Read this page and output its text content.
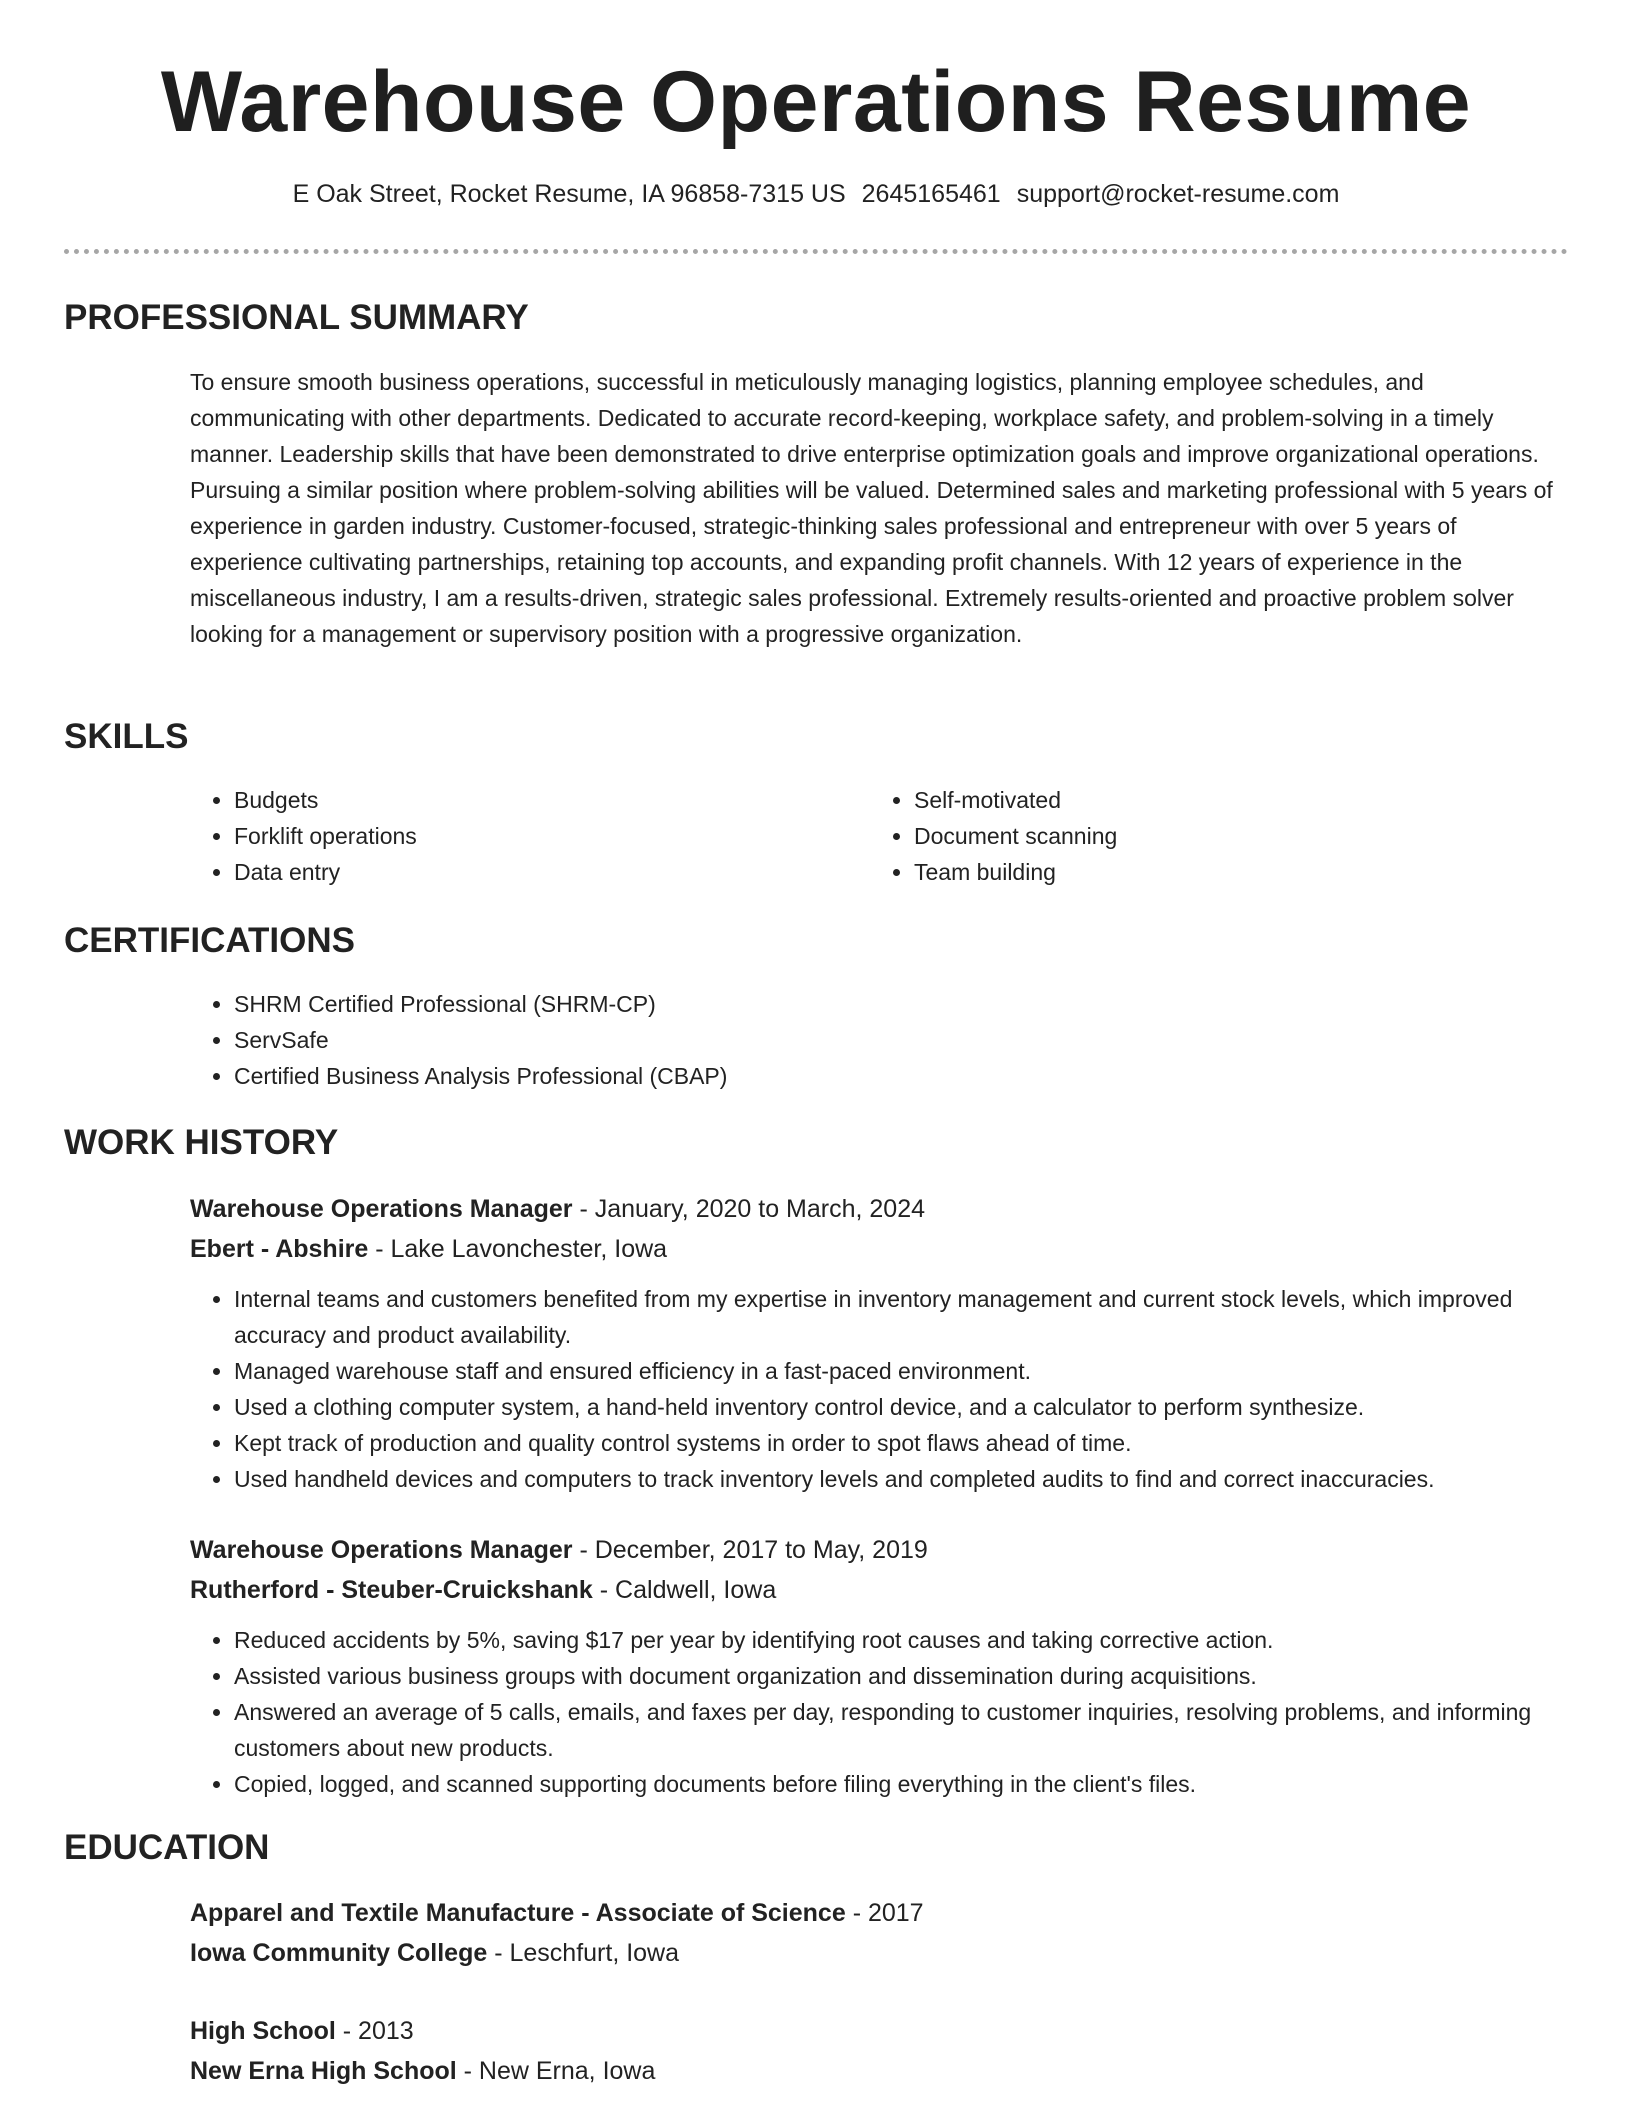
Warehouse Operations Resume
E Oak Street, Rocket Resume, IA 96858-7315 US 2645165461 support@rocket-resume.com
PROFESSIONAL SUMMARY

To ensure smooth business operations, successful in meticulously managing logistics, planning employee schedules, and communicating with other departments. Dedicated to accurate record-keeping, workplace safety, and problem-solving in a timely manner. Leadership skills that have been demonstrated to drive enterprise optimization goals and improve organizational operations. Pursuing a similar position where problem-solving abilities will be valued. Determined sales and marketing professional with 5 years of experience in garden industry. Customer-focused, strategic-thinking sales professional and entrepreneur with over 5 years of experience cultivating partnerships, retaining top accounts, and expanding profit channels. With 12 years of experience in the miscellaneous industry, I am a results-driven, strategic sales professional. Extremely results-oriented and proactive problem solver looking for a management or supervisory position with a progressive organization.

SKILLS
• Budgets
• Forklift operations
• Data entry
• Self-motivated
• Document scanning
• Team building
CERTIFICATIONS
• SHRM Certified Professional (SHRM-CP)
• ServSafe
• Certified Business Analysis Professional (CBAP)
WORK HISTORY
Warehouse Operations Manager - January, 2020 to March, 2024
Ebert - Abshire - Lake Lavonchester, Iowa
• Internal teams and customers benefited from my expertise in inventory management and current stock levels, which improved accuracy and product availability.
• Managed warehouse staff and ensured efficiency in a fast-paced environment.
• Used a clothing computer system, a hand-held inventory control device, and a calculator to perform synthesize.
• Kept track of production and quality control systems in order to spot flaws ahead of time.
• Used handheld devices and computers to track inventory levels and completed audits to find and correct inaccuracies.
Warehouse Operations Manager - December, 2017 to May, 2019
Rutherford - Steuber-Cruickshank - Caldwell, Iowa
• Reduced accidents by 5%, saving $17 per year by identifying root causes and taking corrective action.
• Assisted various business groups with document organization and dissemination during acquisitions.
• Answered an average of 5 calls, emails, and faxes per day, responding to customer inquiries, resolving problems, and informing customers about new products.
• Copied, logged, and scanned supporting documents before filing everything in the client's files.
EDUCATION
Apparel and Textile Manufacture - Associate of Science - 2017
Iowa Community College - Leschfurt, Iowa
High School - 2013
New Erna High School - New Erna, Iowa
